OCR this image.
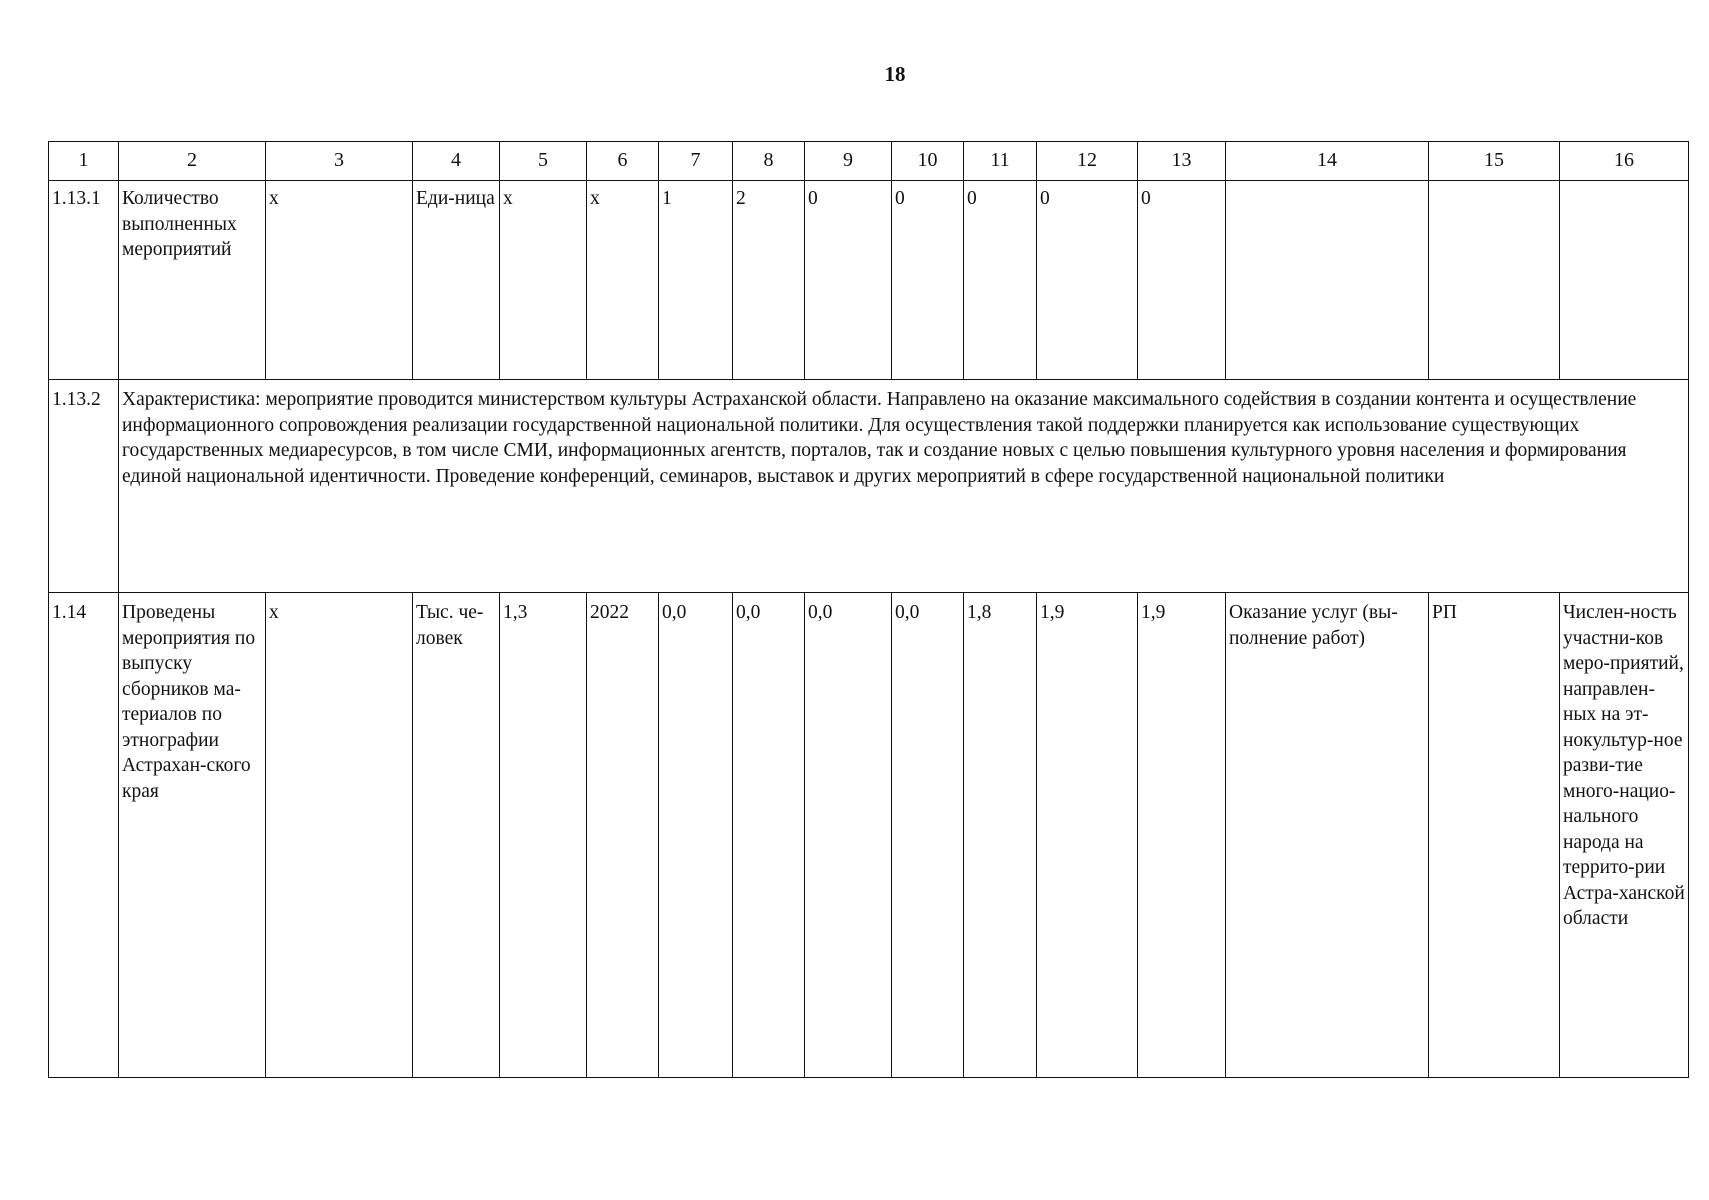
18
1	2	3	4	5	6	7	8	9	10	11	12	13	14	15	16
1.13.1	Количество выполненных мероприятий	х	Еди-ница	х	х	1	2	0	0	0	0	0			
1.13.2	Характеристика: мероприятие проводится министерством культуры Астраханской области. Направлено на оказание максимального содействия в создании контента и осуществление информационного сопровождения реализации государственной национальной политики. Для осуществления такой поддержки планируется как использование существующих государственных медиаресурсов, в том числе СМИ, информационных агентств, порталов, так и создание новых с целью повышения культурного уровня населения и формирования единой национальной идентичности. Проведение конференций, семинаров, выставок и других мероприятий в сфере государственной национальной политики														
1.14	Проведены мероприятия по выпуску сборников ма-териалов по этнографии Астрахан-ского края	х	Тыс. че-ловек	1,3	2022	0,0	0,0	0,0	0,0	1,8	1,9	1,9	Оказание услуг (вы-полнение работ)	РП	Числен-ность участни-ков меро-приятий, направлен-ных на эт-нокультур-ное разви-тие много-нацио-нального народа на террито-рии Астра-ханской области
